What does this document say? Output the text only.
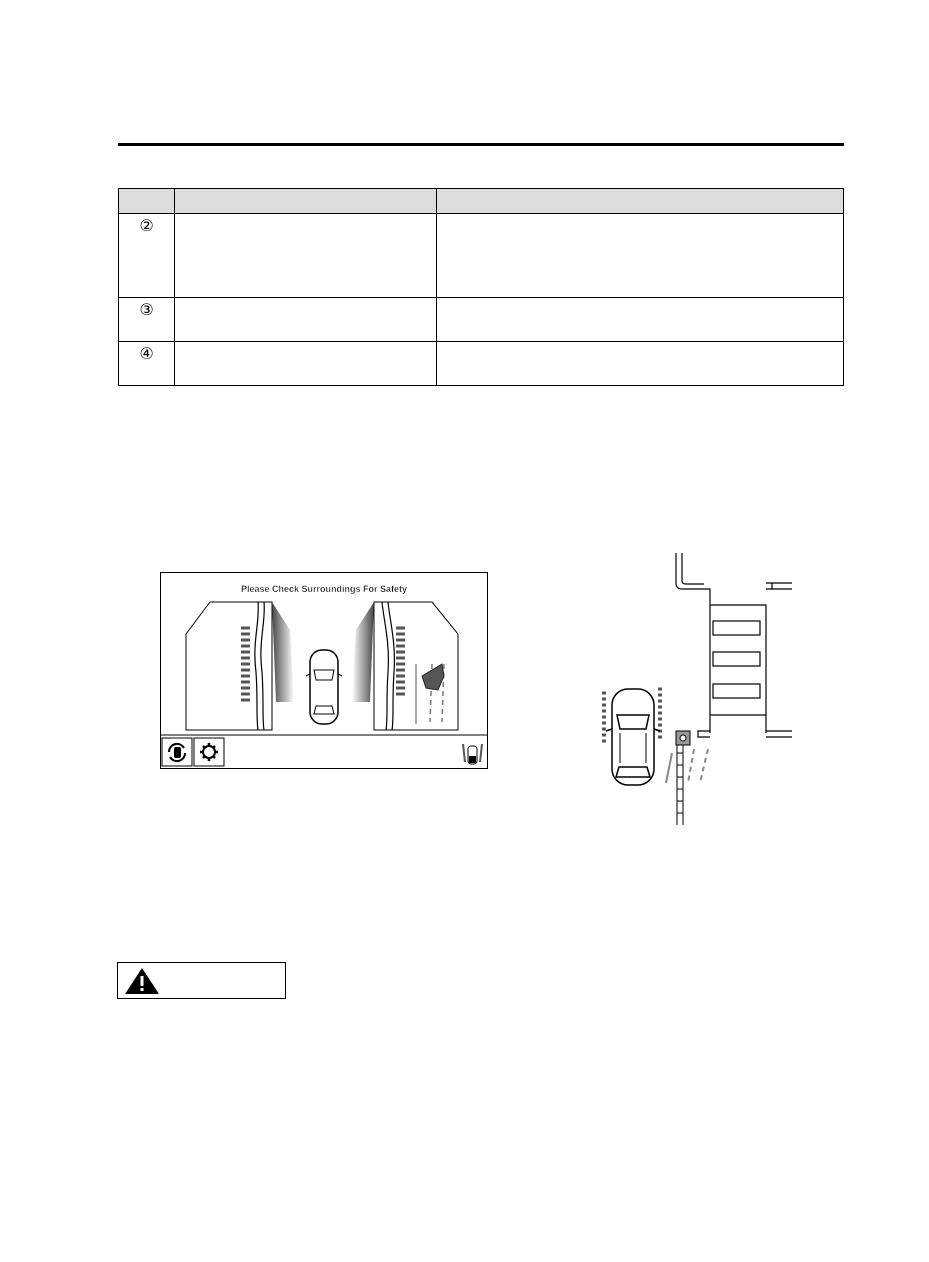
②		

③		

④		

Please Check Surroundings For Safety
